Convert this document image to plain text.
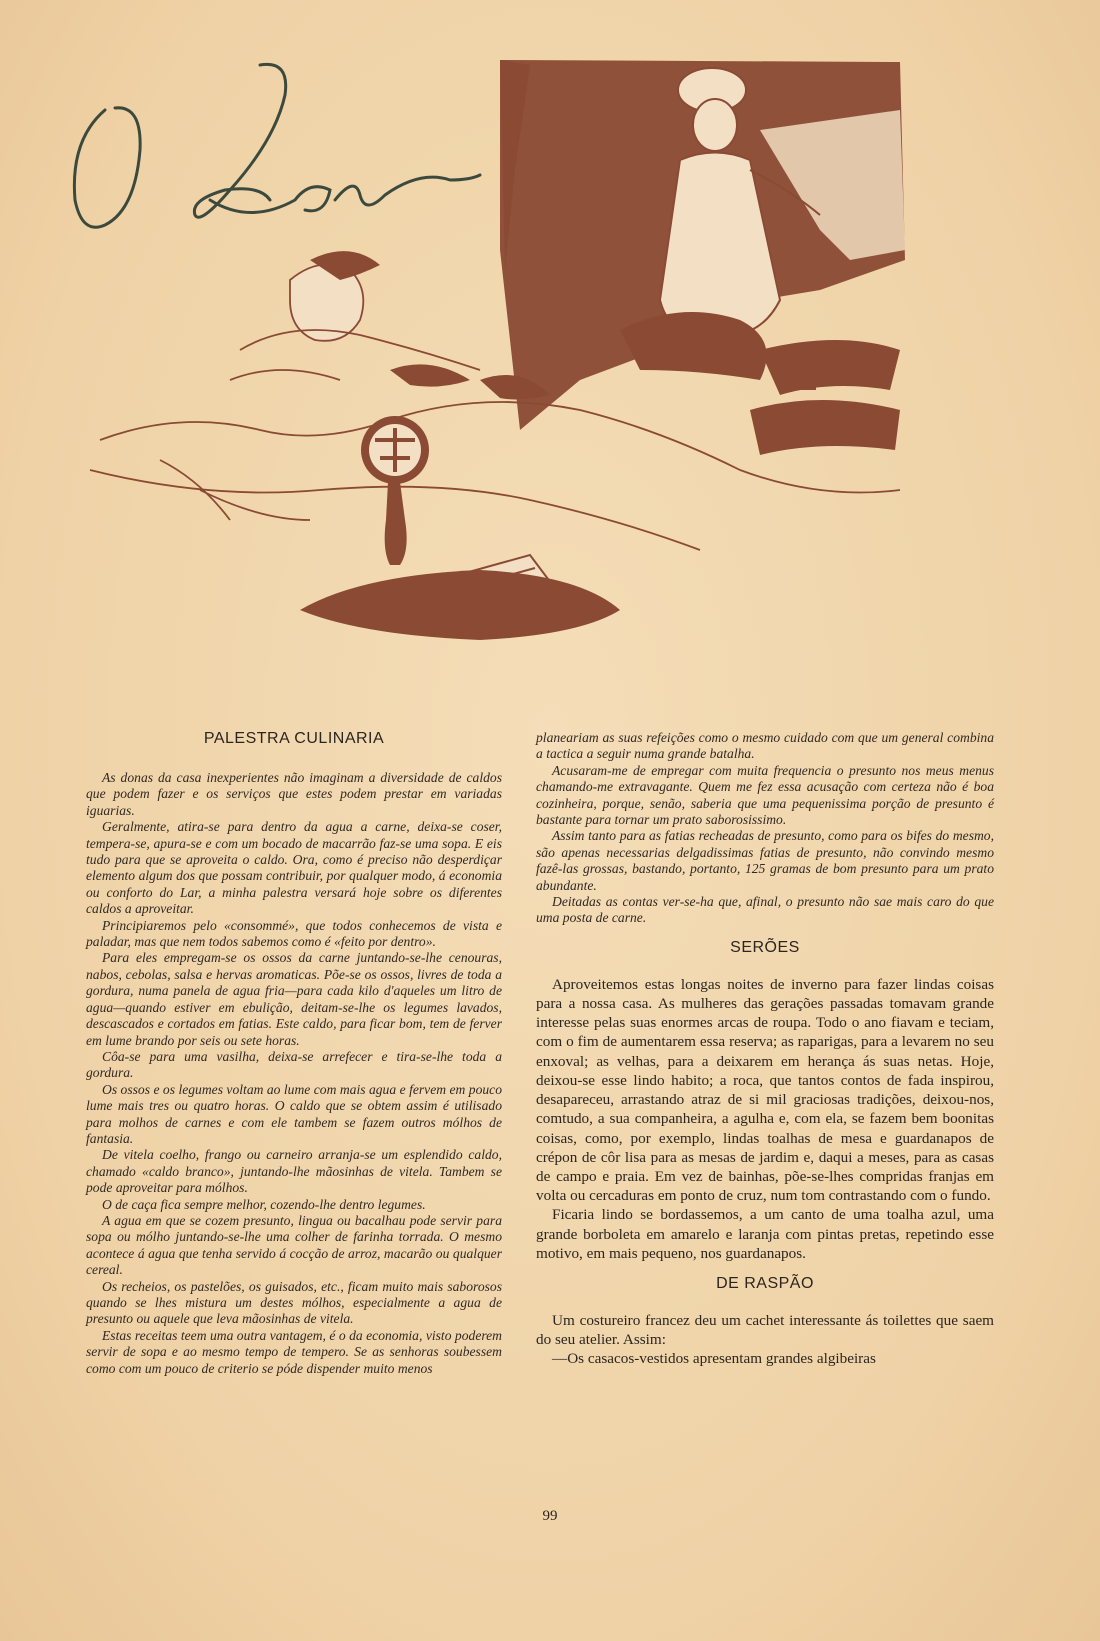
PALESTRA CULINARIA

As donas da casa inexperientes não imaginam a diversidade de caldos que podem fazer e os serviços que estes podem prestar em variadas iguarias.

Geralmente, atira-se para dentro da agua a carne, deixa-se coser, tempera-se, apura-se e com um bocado de macarrão faz-se uma sopa. E eis tudo para que se aproveita o caldo. Ora, como é preciso não desperdiçar elemento algum dos que possam contribuir, por qualquer modo, á economia ou conforto do Lar, a minha palestra versará hoje sobre os diferentes caldos a aproveitar.

Principiaremos pelo «consommé», que todos conhecemos de vista e paladar, mas que nem todos sabemos como é «feito por dentro».

Para eles empregam-se os ossos da carne juntando-se-lhe cenouras, nabos, cebolas, salsa e hervas aromaticas. Põe-se os ossos, livres de toda a gordura, numa panela de agua fria—para cada kilo d'aqueles um litro de agua—quando estiver em ebulição, deitam-se-lhe os legumes lavados, descascados e cortados em fatias. Este caldo, para ficar bom, tem de ferver em lume brando por seis ou sete horas.

Côa-se para uma vasilha, deixa-se arrefecer e tira-se-lhe toda a gordura.

Os ossos e os legumes voltam ao lume com mais agua e fervem em pouco lume mais tres ou quatro horas. O caldo que se obtem assim é utilisado para molhos de carnes e com ele tambem se fazem outros mólhos de fantasia.

De vitela coelho, frango ou carneiro arranja-se um esplendido caldo, chamado «caldo branco», juntando-lhe mãosinhas de vitela. Tambem se pode aproveitar para mólhos.

O de caça fica sempre melhor, cozendo-lhe dentro legumes.

A agua em que se cozem presunto, lingua ou bacalhau pode servir para sopa ou mólho juntando-se-lhe uma colher de farinha torrada. O mesmo acontece á agua que tenha servido á cocção de arroz, macarão ou qualquer cereal.

Os recheios, os pastelões, os guisados, etc., ficam muito mais saborosos quando se lhes mistura um destes mólhos, especialmente a agua de presunto ou aquele que leva mãosinhas de vitela.

Estas receitas teem uma outra vantagem, é o da economia, visto poderem servir de sopa e ao mesmo tempo de tempero. Se as senhoras soubessem como com um pouco de criterio se póde dispender muito menos

planeariam as suas refeições como o mesmo cuidado com que um general combina a tactica a seguir numa grande batalha.

Acusaram-me de empregar com muita frequencia o presunto nos meus menus chamando-me extravagante. Quem me fez essa acusação com certeza não é boa cozinheira, porque, senão, saberia que uma pequenissima porção de presunto é bastante para tornar um prato saborosissimo.

Assim tanto para as fatias recheadas de presunto, como para os bifes do mesmo, são apenas necessarias delgadissimas fatias de presunto, não convindo mesmo fazê-las grossas, bastando, portanto, 125 gramas de bom presunto para um prato abundante.

Deitadas as contas ver-se-ha que, afinal, o presunto não sae mais caro do que uma posta de carne.

SERÕES

Aproveitemos estas longas noites de inverno para fazer lindas coisas para a nossa casa. As mulheres das gerações passadas tomavam grande interesse pelas suas enormes arcas de roupa. Todo o ano fiavam e teciam, com o fim de aumentarem essa reserva; as raparigas, para a levarem no seu enxoval; as velhas, para a deixarem em herança ás suas netas. Hoje, deixou-se esse lindo habito; a roca, que tantos contos de fada inspirou, desapareceu, arrastando atraz de si mil graciosas tradições, deixou-nos, comtudo, a sua companheira, a agulha e, com ela, se fazem bem boonitas coisas, como, por exemplo, lindas toalhas de mesa e guardanapos de crépon de côr lisa para as mesas de jardim e, daqui a meses, para as casas de campo e praia. Em vez de bainhas, põe-se-lhes compridas franjas em volta ou cercaduras em ponto de cruz, num tom contrastando com o fundo.

Ficaria lindo se bordassemos, a um canto de uma toalha azul, uma grande borboleta em amarelo e laranja com pintas pretas, repetindo esse motivo, em mais pequeno, nos guardanapos.

DE RASPÃO

Um costureiro francez deu um cachet interessante ás toilettes que saem do seu atelier. Assim:

—Os casacos-vestidos apresentam grandes algibeiras

99
